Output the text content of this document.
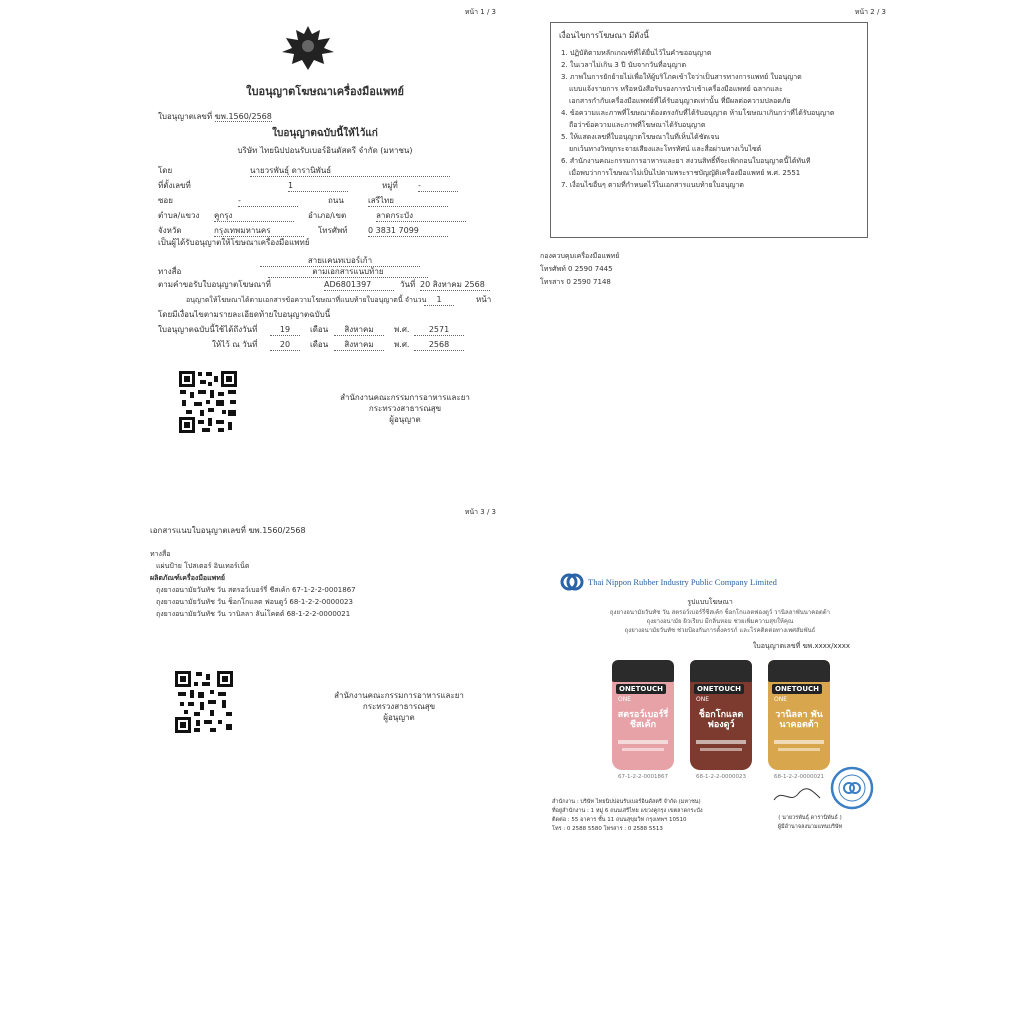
หน้า 1 / 3
ใบอนุญาตโฆษณาเครื่องมือแพทย์
ใบอนุญาตเลขที่ ฆพ.1560/2568
ใบอนุญาตฉบับนี้ให้ไว้แก่
บริษัท ไทยนิปปอนรับเบอร์อินดัสตรี จำกัด (มหาชน)
โดย	นายวรพันธุ์ ดารานิพันธ์
ที่ตั้งเลขที่	1	หมู่ที่	-
ซอย	-	ถนน	เสรีไทย
ตำบล/แขวง คูกรุง	อำเภอ/เขต	ลาดกระบัง
จังหวัด	กรุงเทพมหานคร	โทรศัพท์	0 3831 7099
เป็นผู้ได้รับอนุญาตให้โฆษณาเครื่องมือแพทย์
สายแคนทเบอร์เก้า
ทางสื่อ	ตามเอกสารแนบท้าย
ตามคำขอรับใบอนุญาตโฆษณาที่	AD6801397	วันที่ 20 สิงหาคม 2568
อนุญาตให้โฆษณาได้ตามเอกสารข้อความโฆษณาที่แนบท้ายใบอนุญาตนี้ จำนวน	1	หน้า
โดยมีเงื่อนไขตามรายละเอียดท้ายใบอนุญาตฉบับนี้
ใบอนุญาตฉบับนี้ใช้ได้ถึงวันที่	19	เดือน	สิงหาคม	พ.ศ.	2571
ให้ไว้ ณ วันที่	20	เดือน	สิงหาคม	พ.ศ.	2568
สำนักงานคณะกรรมการอาหารและยา
กระทรวงสาธารณสุข
ผู้อนุญาต
หน้า 2 / 3
เงื่อนไขการโฆษณา มีดังนี้
1. ปฏิบัติตามหลักเกณฑ์ที่ได้ยื่นไว้ในคำขออนุญาต
2. ในเวลาไม่เกิน 3 ปี นับจากวันที่อนุญาต
3. ภาพในการยักย้ายไม่เพื่อให้ผู้บริโภคเข้าใจว่าเป็นสารทางการแพทย์ ใบอนุญาต
แบบแจ้งรายการ หรือหนังสือรับรองการนำเข้าเครื่องมือแพทย์ ฉลากและ
เอกสารกำกับเครื่องมือแพทย์ที่ได้รับอนุญาตเท่านั้น ที่มีผลต่อความปลอดภัย
4. ข้อความและภาพที่โฆษณาต้องตรงกับที่ได้รับอนุญาต ห้ามโฆษณาเกินกว่าที่ได้รับอนุญาต
ถือว่าข้อความและภาพที่โฆษณาได้รับอนุญาต
5. ให้แสดงเลขที่ใบอนุญาตโฆษณาในที่เห็นได้ชัดเจน
ยกเว้นทางวิทยุกระจายเสียงและโทรทัศน์ และสื่อผ่านทางเว็บไซต์
6. สำนักงานคณะกรรมการอาหารและยา สงวนสิทธิ์ที่จะเพิกถอนใบอนุญาตนี้ได้ทันที
เมื่อพบว่าการโฆษณาไม่เป็นไปตามพระราชบัญญัติเครื่องมือแพทย์ พ.ศ. 2551
7. เงื่อนไขอื่นๆ ตามที่กำหนดไว้ในเอกสารแนบท้ายใบอนุญาต
กองควบคุมเครื่องมือแพทย์
โทรศัพท์ 0 2590 7445
โทรสาร 0 2590 7148
หน้า 3 / 3
เอกสารแนบใบอนุญาตเลขที่ ฆพ.1560/2568
ทางสื่อ
แผ่นป้าย โปสเตอร์ อินเทอร์เน็ต
ผลิตภัณฑ์เครื่องมือแพทย์
ถุงยางอนามัยวันทัช วัน สตรอว์เบอร์รี่ ชีสเค้ก 67-1-2-2-0001867
ถุงยางอนามัยวันทัช วัน ช็อกโกแลต ฟอนดูว์ 68-1-2-2-0000023
ถุงยางอนามัยวันทัช วัน วานิลลา ลันเ๋โคตต์ 68-1-2-2-0000021
สำนักงานคณะกรรมการอาหารและยา
กระทรวงสาธารณสุข
ผู้อนุญาต
Thai Nippon Rubber Industry Public Company Limited
รูปแบบโฆษณา
ถุงยางอนามัยวันทัช วัน สตรอว์เบอร์รี่ชีสเค้ก ช็อกโกแลตฟองดูว์ วานิลลาพันนาคอตต้า
ถุงยางอนามัย ผิวเรียบ มีกลิ่นหอม ช่วยเพิ่มความสุขให้คุณ
ถุงยางอนามัยวันทัช ช่วยป้องกันการตั้งครรภ์ และโรคติดต่อทางเพศสัมพันธ์
ใบอนุญาตเลขที่ ฆพ.xxxx/xxxx
ONETOUCH
ONE
สตรอว์เบอร์รี่ ชีสเค้ก
ONETOUCH
ONE
ช็อกโกแลต ฟองดูว์
ONETOUCH
ONE
วานิลลา พันนาคอตต้า
67-1-2-2-0001867	68-1-2-2-0000023	68-1-2-2-0000021
สำนักงาน : บริษัท ไทยนิปปอนรับเบอร์อินดัสตรี จำกัด (มหาชน)
ที่อยู่สำนักงาน : 1 หมู่ 6 ถนนเสรีไทย แขวงคูกรุง เขตลาดกระบัง
ติดต่อ : 55 อาคาร ชั้น 11 ถนนสุขุมวิท กรุงเทพฯ 10510
โทร : 0 2588 5580 โทรสาร : 0 2588 5513
( นายวรพันธุ์ ดารานิพันธ์ )
ผู้มีอำนาจลงนามแทนบริษัท
